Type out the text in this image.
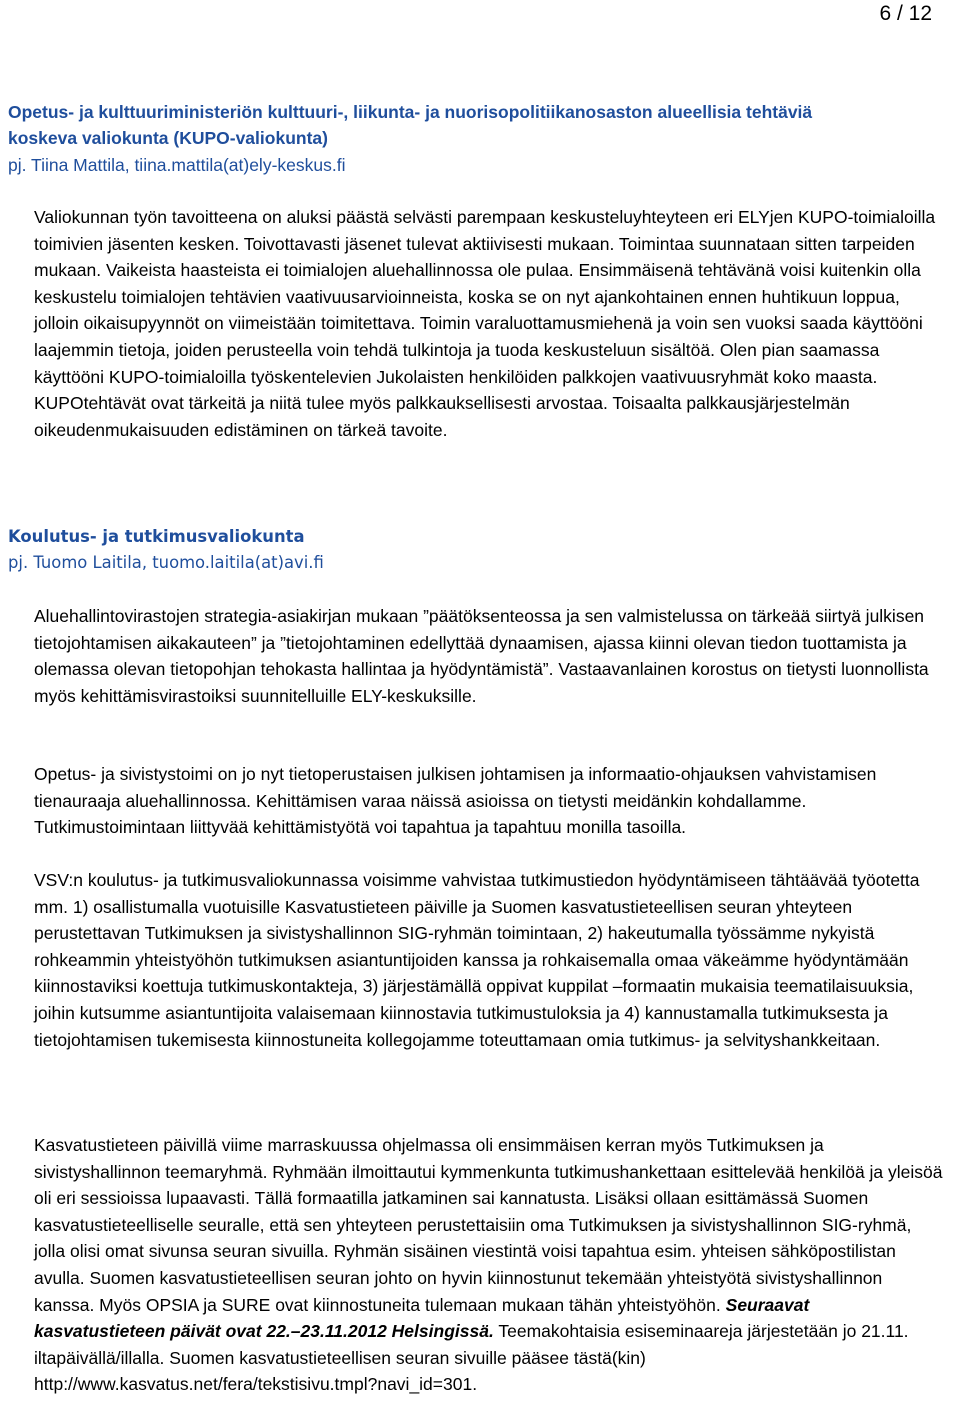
6 / 12
Opetus- ja kulttuuriministeriön kulttuuri-, liikunta- ja nuorisopolitiikanosaston alueellisia tehtäviä
koskeva valiokunta (KUPO-valiokunta)
pj. Tiina Mattila, tiina.mattila(at)ely-keskus.fi

Valiokunnan työn tavoitteena on aluksi päästä selvästi parempaan keskusteluyhteyteen eri ELYjen KUPO-toimialoilla toimivien jäsenten kesken. Toivottavasti jäsenet tulevat aktiivisesti mukaan. Toimintaa suunnataan sitten tarpeiden mukaan. Vaikeista haasteista ei toimialojen aluehallinnossa ole pulaa. Ensimmäisenä tehtävänä voisi kuitenkin olla keskustelu toimialojen tehtävien vaativuusarvioinneista, koska se on nyt ajankohtainen ennen huhtikuun loppua, jolloin oikaisupyynnöt on viimeistään toimitettava. Toimin varaluottamusmiehenä ja voin sen vuoksi saada käyttööni laajemmin tietoja, joiden perusteella voin tehdä tulkintoja ja tuoda keskusteluun sisältöä. Olen pian saamassa käyttööni KUPO-toimialoilla työskentelevien Jukolaisten henkilöiden palkkojen vaativuusryhmät koko maasta. KUPOtehtävät ovat tärkeitä ja niitä tulee myös palkkauksellisesti arvostaa. Toisaalta palkkausjärjestelmän oikeudenmukaisuuden edistäminen on tärkeä tavoite.

Koulutus- ja tutkimusvaliokunta
pj. Tuomo Laitila, tuomo.laitila(at)avi.fi

Aluehallintovirastojen strategia-asiakirjan mukaan ”päätöksenteossa ja sen valmistelussa on tärkeää siirtyä julkisen tietojohtamisen aikakauteen” ja ”tietojohtaminen edellyttää dynaamisen, ajassa kiinni olevan tiedon tuottamista ja olemassa olevan tietopohjan tehokasta hallintaa ja hyödyntämistä”. Vastaavanlainen korostus on tietysti luonnollista myös kehittämisvirastoiksi suunnitelluille ELY-keskuksille.

Opetus- ja sivistystoimi on jo nyt tietoperustaisen julkisen johtamisen ja informaatio-ohjauksen vahvistamisen tienauraaja aluehallinnossa. Kehittämisen varaa näissä asioissa on tietysti meidänkin kohdallamme. Tutkimustoimintaan liittyvää kehittämistyötä voi tapahtua ja tapahtuu monilla tasoilla.

VSV:n koulutus- ja tutkimusvaliokunnassa voisimme vahvistaa tutkimustiedon hyödyntämiseen tähtäävää työotetta mm. 1) osallistumalla vuotuisille Kasvatustieteen päiville ja Suomen kasvatustieteellisen seuran yhteyteen perustettavan Tutkimuksen ja sivistyshallinnon SIG-ryhmän toimintaan, 2) hakeutumalla työssämme nykyistä rohkeammin yhteistyöhön tutkimuksen asiantuntijoiden kanssa ja rohkaisemalla omaa väkeämme hyödyntämään kiinnostaviksi koettuja tutkimuskontakteja, 3) järjestämällä oppivat kuppilat –formaatin mukaisia teematilaisuuksia, joihin kutsumme asiantuntijoita valaisemaan kiinnostavia tutkimustuloksia ja 4) kannustamalla tutkimuksesta ja tietojohtamisen tukemisesta kiinnostuneita kollegojamme toteuttamaan omia tutkimus- ja selvityshankkeitaan.

Kasvatustieteen päivillä viime marraskuussa ohjelmassa oli ensimmäisen kerran myös Tutkimuksen ja sivistyshallinnon teemaryhmä. Ryhmään ilmoittautui kymmenkunta tutkimushankettaan esittelevää henkilöä ja yleisöä oli eri sessioissa lupaavasti. Tällä formaatilla jatkaminen sai kannatusta. Lisäksi ollaan esittämässä Suomen kasvatustieteelliselle seuralle, että sen yhteyteen perustettaisiin oma Tutkimuksen ja sivistyshallinnon SIG-ryhmä, jolla olisi omat sivunsa seuran sivuilla. Ryhmän sisäinen viestintä voisi tapahtua esim. yhteisen sähköpostilistan avulla. Suomen kasvatustieteellisen seuran johto on hyvin kiinnostunut tekemään yhteistyötä sivistyshallinnon kanssa. Myös OPSIA ja SURE ovat kiinnostuneita tulemaan mukaan tähän yhteistyöhön. Seuraavat kasvatustieteen päivät ovat 22.–23.11.2012 Helsingissä. Teemakohtaisia esiseminaareja järjestetään jo 21.11. iltapäivällä/illalla. Suomen kasvatustieteellisen seuran sivuille pääsee tästä(kin)
http://www.kasvatus.net/fera/tekstisivu.tmpl?navi_id=301.
